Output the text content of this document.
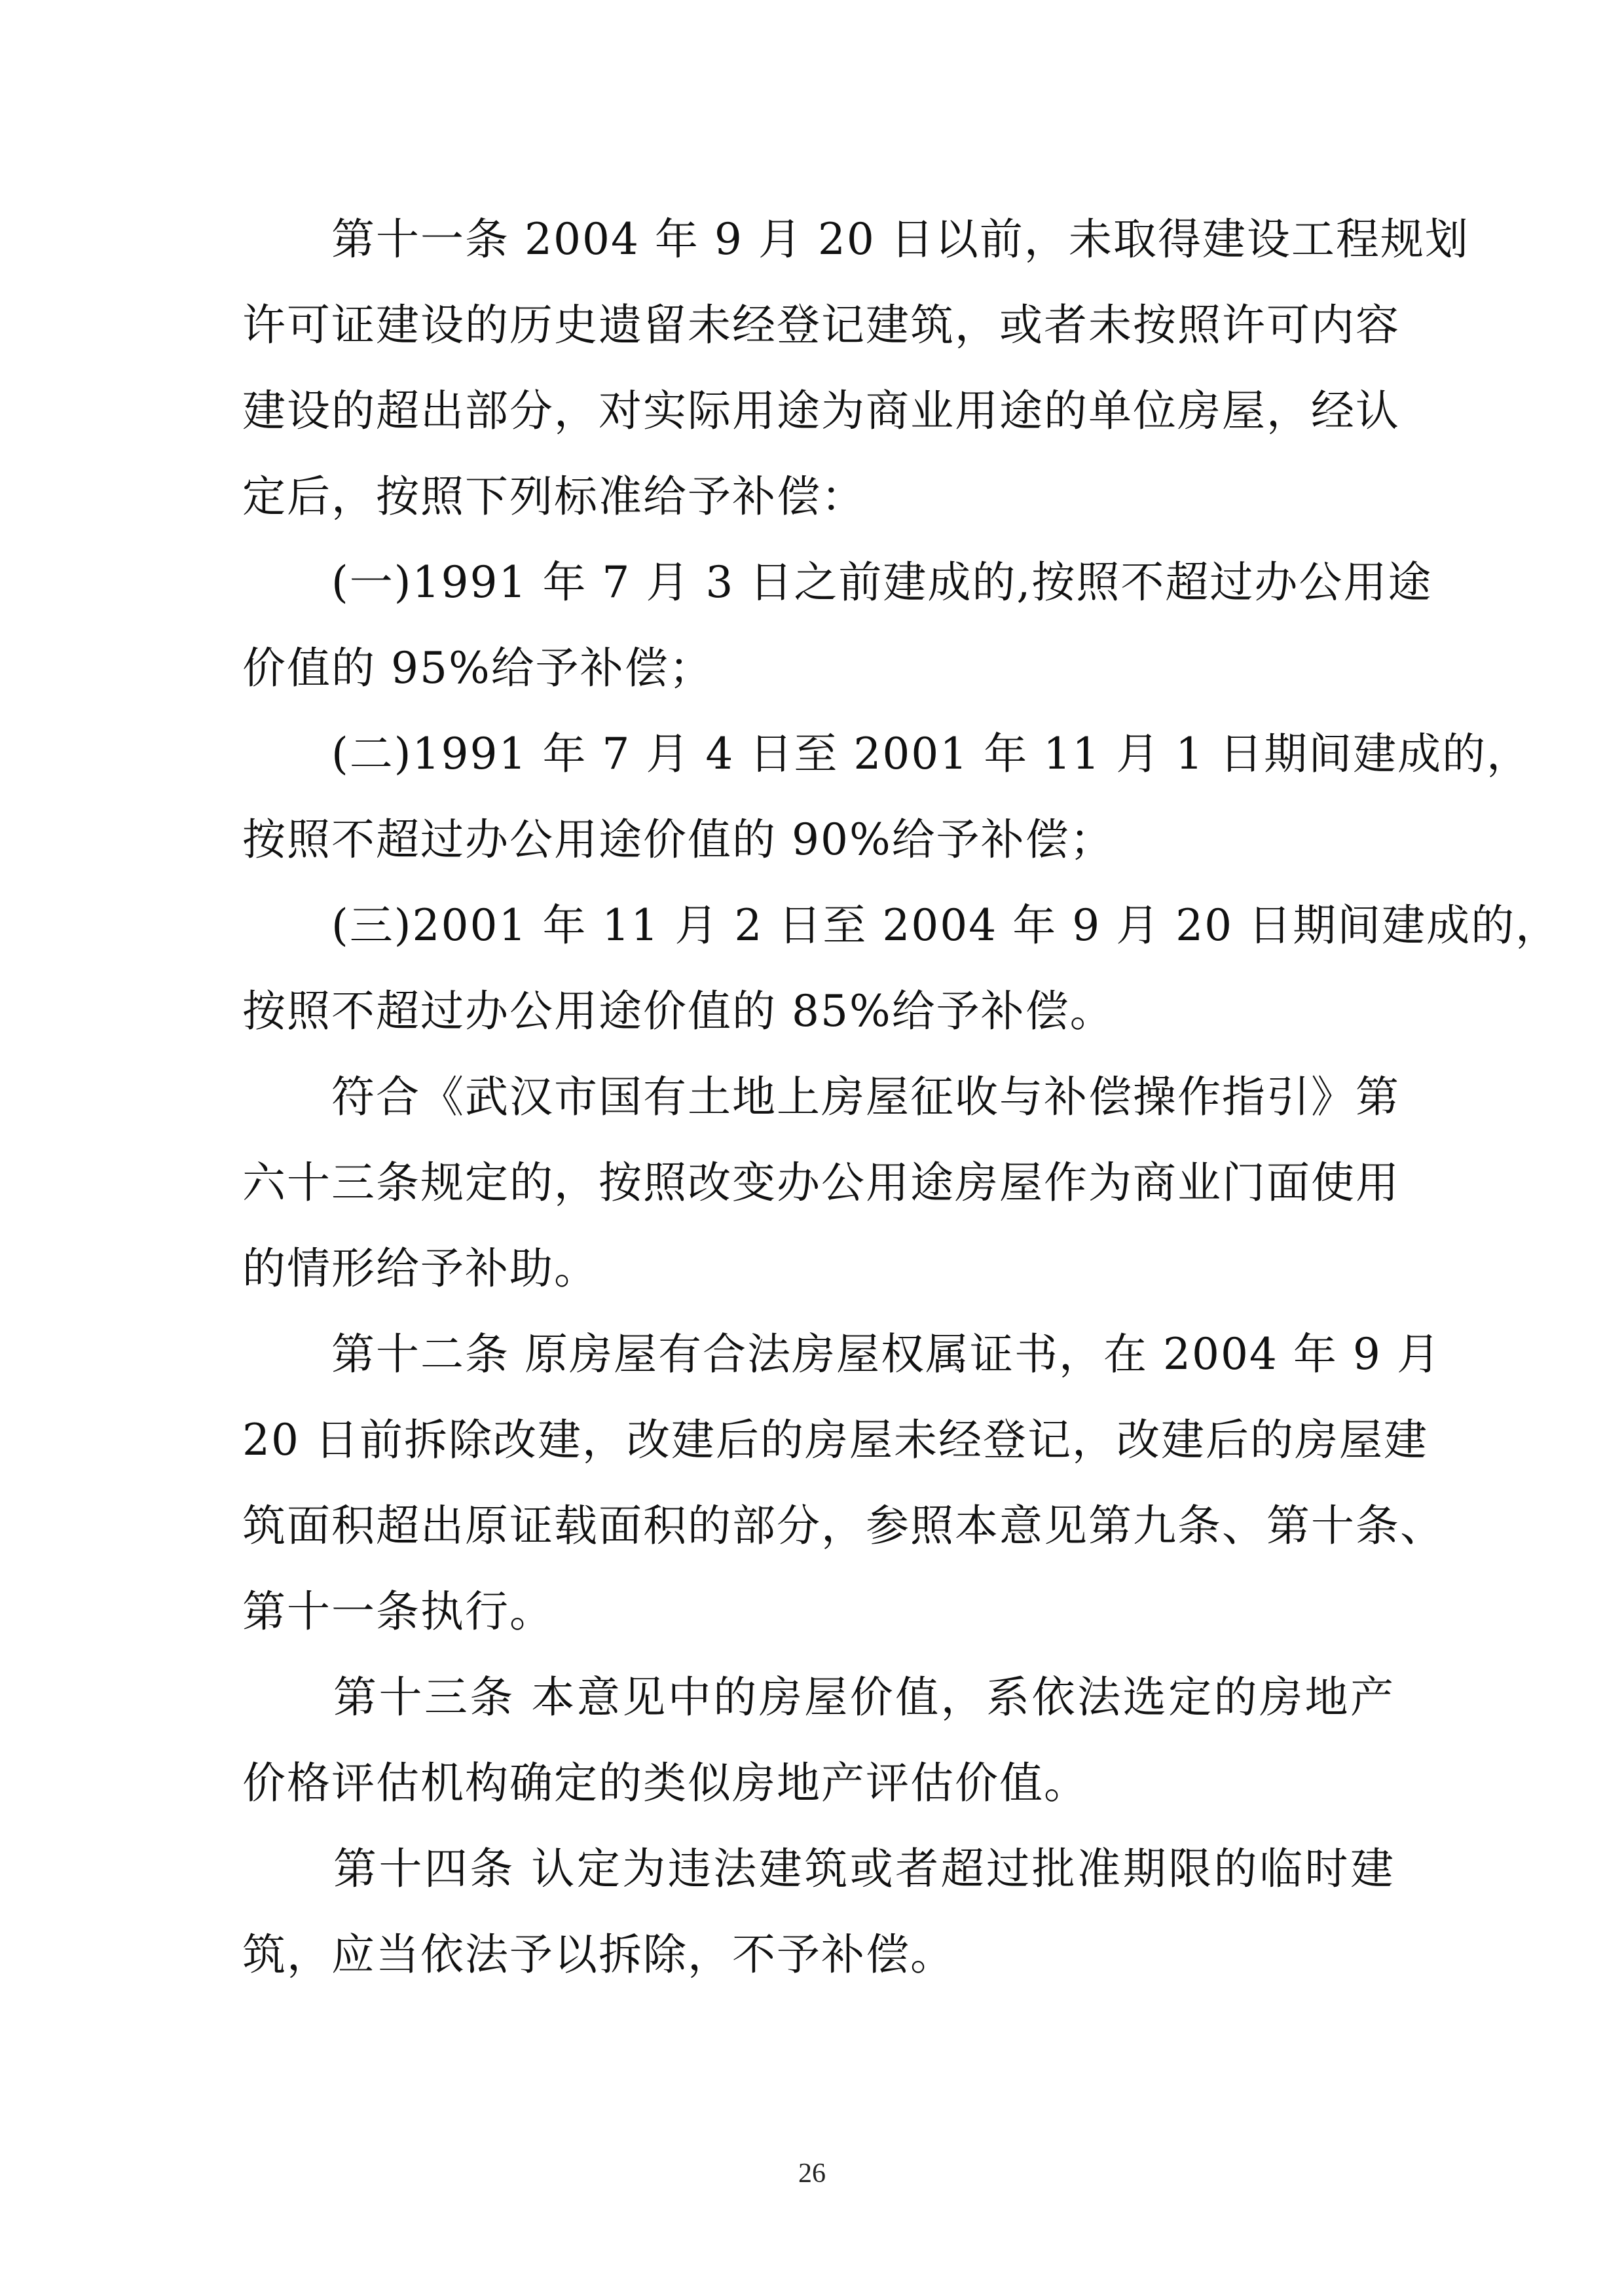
　　第十一条 2004 年 9 月 20 日以前，未取得建设工程规划
许可证建设的历史遗留未经登记建筑，或者未按照许可内容
建设的超出部分，对实际用途为商业用途的单位房屋，经认
定后，按照下列标准给予补偿：
　　(一)1991 年 7 月 3 日之前建成的,按照不超过办公用途
价值的 95%给予补偿；
　　(二)1991 年 7 月 4 日至 2001 年 11 月 1 日期间建成的，
按照不超过办公用途价值的 90%给予补偿；
　　(三)2001 年 11 月 2 日至 2004 年 9 月 20 日期间建成的，
按照不超过办公用途价值的 85%给予补偿。
　　符合《武汉市国有土地上房屋征收与补偿操作指引》第
六十三条规定的，按照改变办公用途房屋作为商业门面使用
的情形给予补助。
　　第十二条 原房屋有合法房屋权属证书，在 2004 年 9 月
20 日前拆除改建，改建后的房屋未经登记，改建后的房屋建
筑面积超出原证载面积的部分，参照本意见第九条、第十条、
第十一条执行。
　　第十三条 本意见中的房屋价值，系依法选定的房地产
价格评估机构确定的类似房地产评估价值。
　　第十四条 认定为违法建筑或者超过批准期限的临时建
筑，应当依法予以拆除，不予补偿。
26
